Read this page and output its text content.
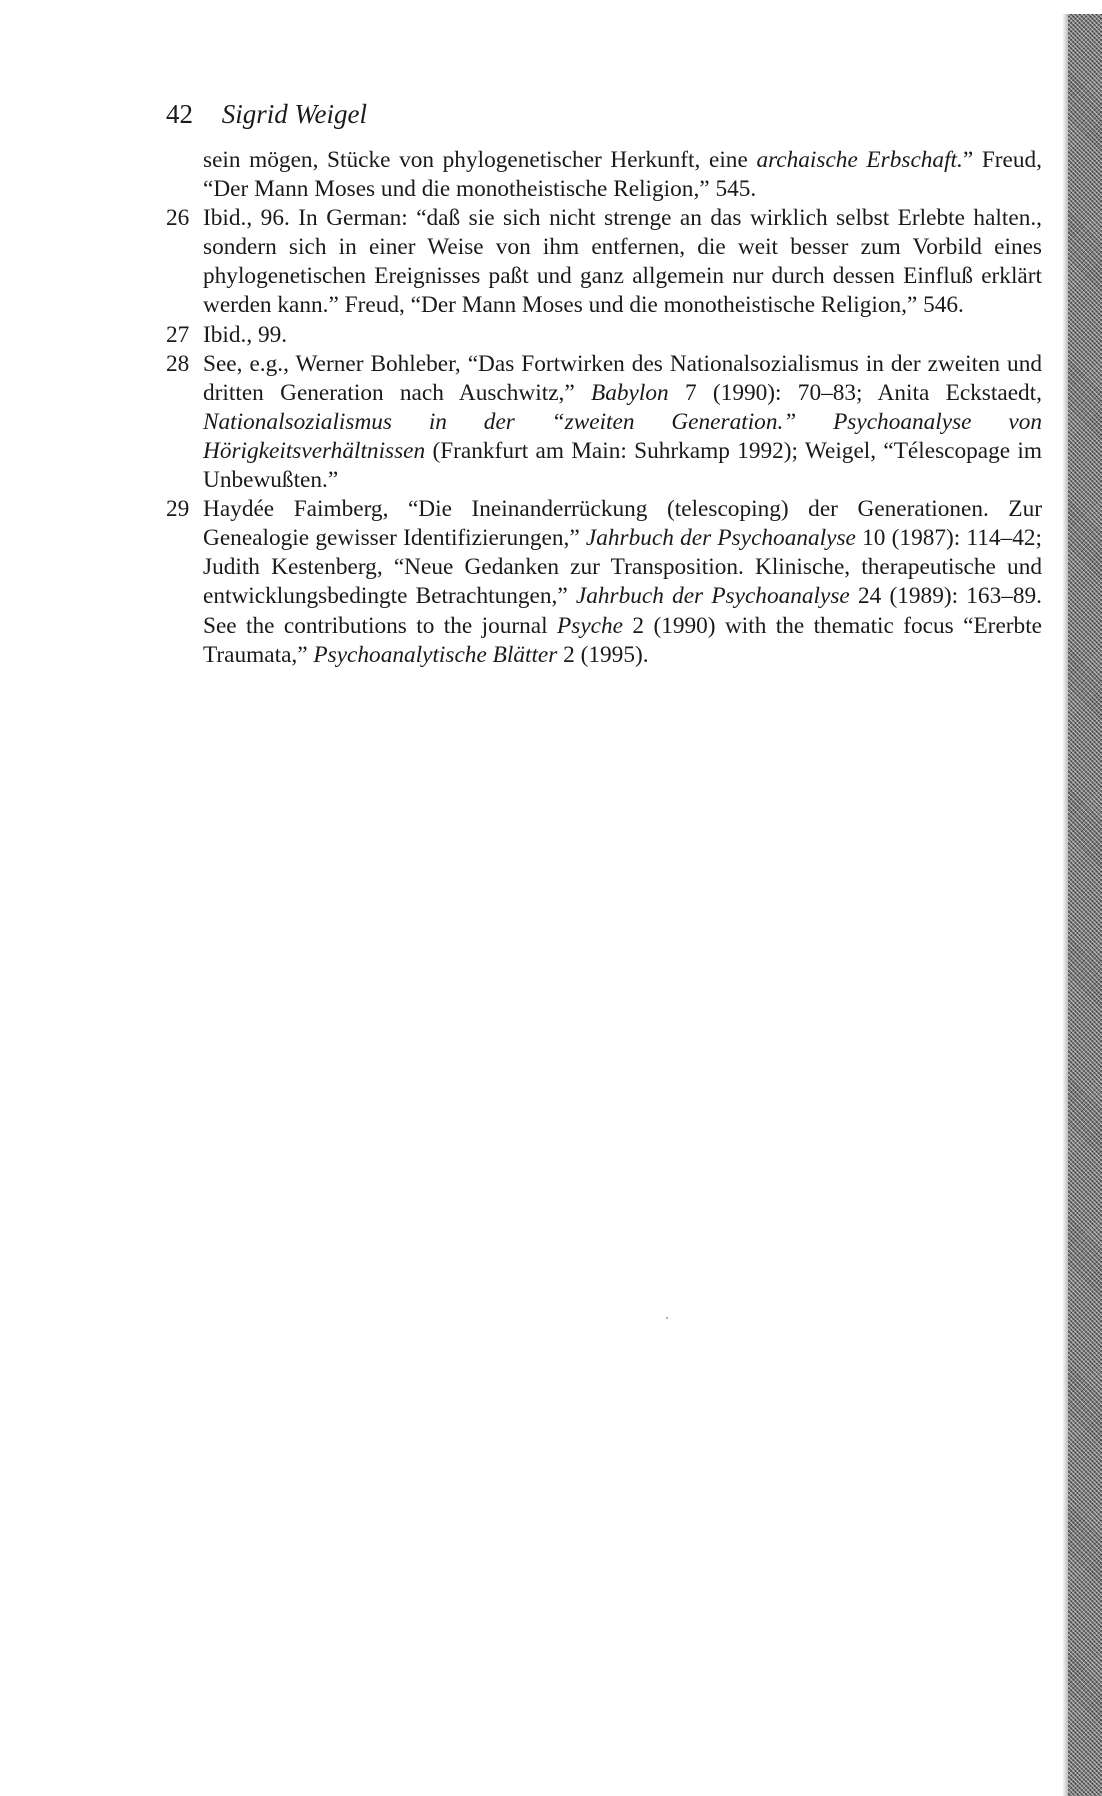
42 Sigrid Weigel
sein mögen, Stücke von phylogenetischer Herkunft, eine archaische Erbschaft.” Freud, “Der Mann Moses und die monotheistische Religion,” 545.
26 Ibid., 96. In German: “daß sie sich nicht strenge an das wirklich selbst Erlebte halten., sondern sich in einer Weise von ihm entfernen, die weit besser zum Vorbild eines phylogenetischen Ereignisses paßt und ganz allgemein nur durch dessen Einfluß erklärt werden kann.” Freud, “Der Mann Moses und die monotheistische Religion,” 546.
27 Ibid., 99.
28 See, e.g., Werner Bohleber, “Das Fortwirken des Nationalsozialismus in der zweiten und dritten Generation nach Auschwitz,” Babylon 7 (1990): 70–83; Anita Eckstaedt, Nationalsozialismus in der “zweiten Generation.” Psychoanalyse von Hörigkeitsverhältnissen (Frankfurt am Main: Suhrkamp 1992); Weigel, “Télescopage im Unbewußten.”
29 Haydée Faimberg, “Die Ineinanderrückung (telescoping) der Generationen. Zur Genealogie gewisser Identifizierungen,” Jahrbuch der Psychoanalyse 10 (1987): 114–42; Judith Kestenberg, “Neue Gedanken zur Transposition. Klinische, therapeutische und entwicklungsbedingte Betrachtungen,” Jahrbuch der Psychoanalyse 24 (1989): 163–89. See the contributions to the journal Psyche 2 (1990) with the thematic focus “Ererbte Traumata,” Psychoanalytische Blätter 2 (1995).
